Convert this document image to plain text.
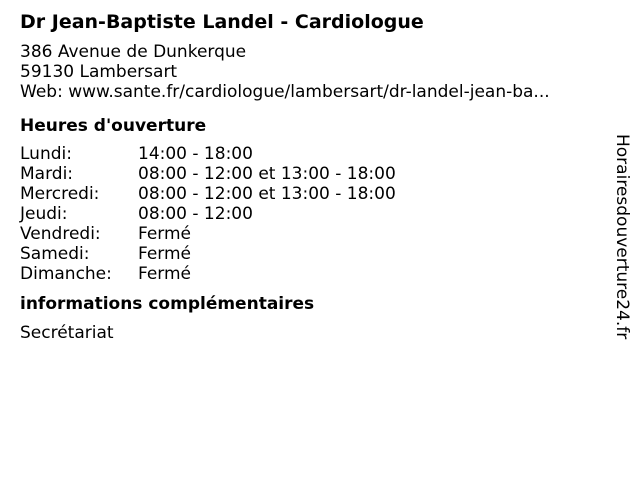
Dr Jean-Baptiste Landel - Cardiologue
386 Avenue de Dunkerque
59130 Lambersart
Web: www.sante.fr/cardiologue/lambersart/dr-landel-jean-ba...
Heures d'ouverture
Lundi:	14:00 - 18:00
Mardi:	08:00 - 12:00 et 13:00 - 18:00
Mercredi:	08:00 - 12:00 et 13:00 - 18:00
Jeudi:	08:00 - 12:00
Vendredi:	Fermé
Samedi:	Fermé
Dimanche:	Fermé
informations complémentaires
Secrétariat	Horairesdouverture24.fr
